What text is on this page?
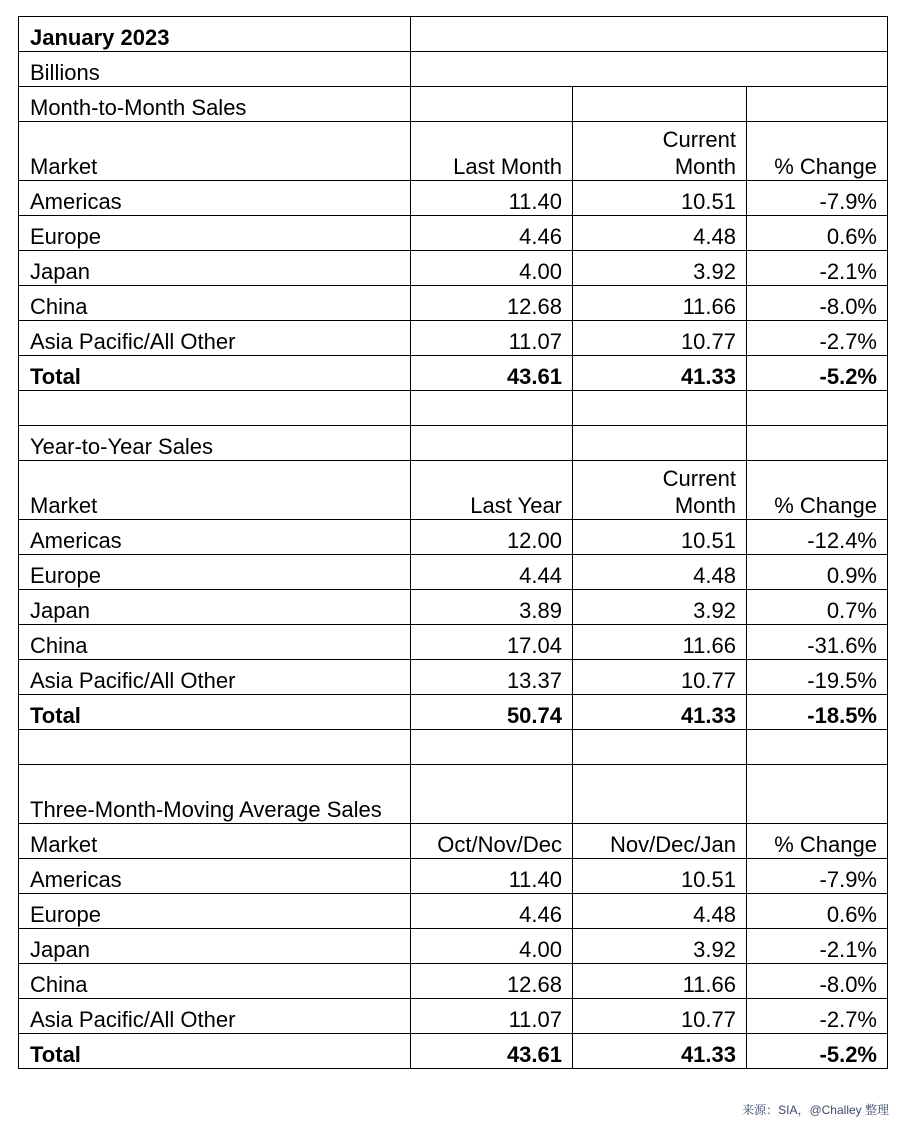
January 2023			
Billions			
Month-to-Month Sales			
Market	Last Month	Current Month	% Change
Americas	11.40	10.51	-7.9%
Europe	4.46	4.48	0.6%
Japan	4.00	3.92	-2.1%
China	12.68	11.66	-8.0%
Asia Pacific/All Other	11.07	10.77	-2.7%
Total	43.61	41.33	-5.2%

Year-to-Year Sales			
Market	Last Year	Current Month	% Change
Americas	12.00	10.51	-12.4%
Europe	4.44	4.48	0.9%
Japan	3.89	3.92	0.7%
China	17.04	11.66	-31.6%
Asia Pacific/All Other	13.37	10.77	-19.5%
Total	50.74	41.33	-18.5%

Three-Month-Moving Average Sales			
Market	Oct/Nov/Dec	Nov/Dec/Jan	% Change
Americas	11.40	10.51	-7.9%
Europe	4.46	4.48	0.6%
Japan	4.00	3.92	-2.1%
China	12.68	11.66	-8.0%
Asia Pacific/All Other	11.07	10.77	-2.7%
Total	43.61	41.33	-5.2%
来源：SIA，@Challey 整理
